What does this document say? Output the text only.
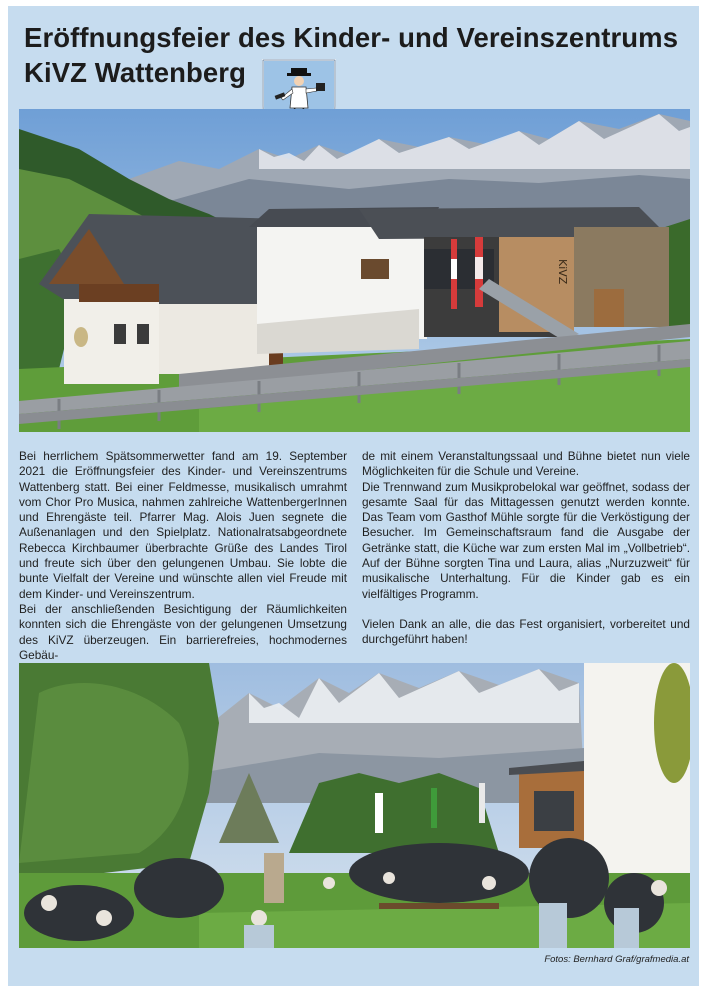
Eröffnungsfeier des Kinder- und Vereinszentrums
KiVZ Wattenberg
KiVZ

Bei herrlichem Spätsommerwetter fand am 19. September 2021 die Eröffnungsfeier des Kinder- und Vereinszentrums Wattenberg statt. Bei einer Feldmesse, musikalisch umrahmt vom Chor Pro Musica, nahmen zahlreiche WattenbergerInnen und Ehrengäste teil. Pfarrer Mag. Alois Juen segnete die Außenanlagen und den Spielplatz. Nationalratsabgeordnete Rebecca Kirchbaumer überbrachte Grüße des Landes Tirol und freute sich über den gelungenen Umbau. Sie lobte die bunte Vielfalt der Vereine und wünschte allen viel Freude mit dem Kinder- und Vereinszentrum.

Bei der anschließenden Besichtigung der Räumlichkeiten konnten sich die Ehrengäste von der gelungenen Umsetzung des KiVZ überzeugen. Ein barrierefreies, hochmodernes Gebäu-

de mit einem Veranstaltungssaal und Bühne bietet nun viele Möglichkeiten für die Schule und Vereine.

Die Trennwand zum Musikprobelokal war geöffnet, sodass der gesamte Saal für das Mittagessen genutzt werden konnte. Das Team vom Gasthof Mühle sorgte für die Verköstigung der Besucher. Im Gemeinschaftsraum fand die Ausgabe der Getränke statt, die Küche war zum ersten Mal im „Vollbetrieb“. Auf der Bühne sorgten Tina und Laura, alias „Nurzuzweit“ für musikalische Unterhaltung. Für die Kinder gab es ein vielfältiges Programm.

Vielen Dank an alle, die das Fest organisiert, vorbereitet und durchgeführt haben!

Fotos: Bernhard Graf/grafmedia.at
